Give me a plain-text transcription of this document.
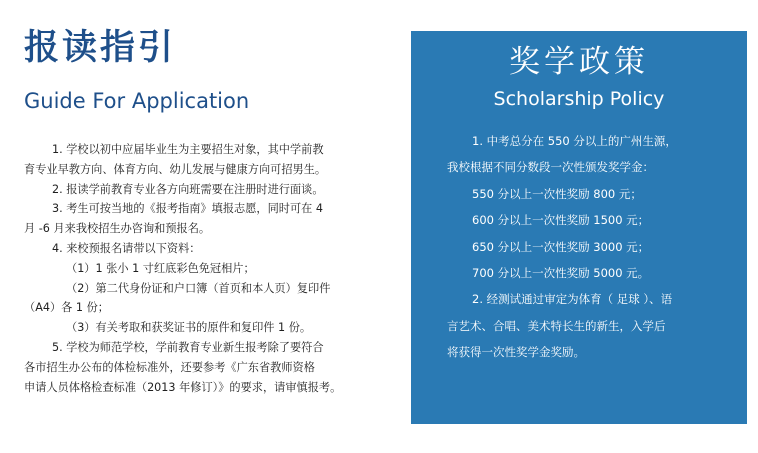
报读指引
Guide For Application

1. 学校以初中应届毕业生为主要招生对象，其中学前教

育专业早教方向、体育方向、幼儿发展与健康方向可招男生。

2. 报读学前教育专业各方向班需要在注册时进行面谈。

3. 考生可按当地的《报考指南》填报志愿，同时可在 4

月 -6 月来我校招生办咨询和预报名。

4. 来校预报名请带以下资料：

（1）1 张小 1 寸红底彩色免冠相片；

（2）第二代身份证和户口簿（首页和本人页）复印件

（A4）各 1 份；

（3）有关考取和获奖证书的原件和复印件 1 份。

5. 学校为师范学校，学前教育专业新生报考除了要符合

各市招生办公布的体检标准外，还要参考《广东省教师资格

申请人员体格检查标准（2013 年修订）》的要求，请审慎报考。

奖学政策
Scholarship Policy

1. 中考总分在 550 分以上的广州生源，

我校根据不同分数段一次性颁发奖学金：

550 分以上一次性奖励 800 元；

600 分以上一次性奖励 1500 元；

650 分以上一次性奖励 3000 元；

700 分以上一次性奖励 5000 元。

2. 经测试通过审定为体育（ 足球 ）、语

言艺术、合唱、美术特长生的新生，入学后

将获得一次性奖学金奖励。
